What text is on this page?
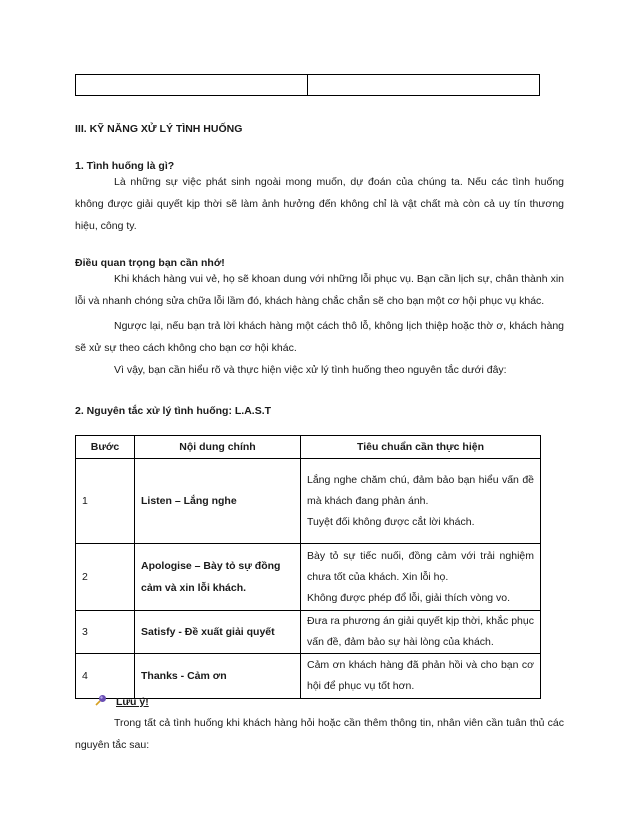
III. KỸ NĂNG XỬ LÝ TÌNH HUỐNG
1. Tình huống là gì?

Là những sự việc phát sinh ngoài mong muốn, dự đoán của chúng ta. Nếu các tình huống không được giải quyết kịp thời sẽ làm ảnh hưởng đến không chỉ là vật chất mà còn cả uy tín thương hiệu, công ty.

Điều quan trọng bạn cần nhớ!

Khi khách hàng vui vẻ, họ sẽ khoan dung với những lỗi phục vụ. Bạn cần lịch sự, chân thành xin lỗi và nhanh chóng sửa chữa lỗi lầm đó, khách hàng chắc chắn sẽ cho bạn một cơ hội phục vụ khác.

Ngược lại, nếu bạn trả lời khách hàng một cách thô lỗ, không lịch thiệp hoặc thờ ơ, khách hàng sẽ xử sự theo cách không cho bạn cơ hội khác.

Vì vậy, bạn cần hiểu rõ và thực hiện việc xử lý tình huống theo nguyên tắc dưới đây:

2. Nguyên tắc xử lý tình huống: L.A.S.T
Bước	Nội dung chính	Tiêu chuẩn cần thực hiện
1	Listen – Lắng nghe	Lắng nghe chăm chú, đảm bảo bạn hiểu vấn đề mà khách đang phản ánh.
Tuyệt đối không được cắt lời khách.

2	Apologise – Bày tỏ sự đồng cảm và xin lỗi khách.	Bày tỏ sự tiếc nuối, đồng cảm với trải nghiệm chưa tốt của khách. Xin lỗi họ.
Không được phép đổ lỗi, giải thích vòng vo.

3	Satisfy - Đề xuất giải quyết	Đưa ra phương án giải quyết kịp thời, khắc phục vấn đề, đảm bảo sự hài lòng của khách.

4	Thanks - Cảm ơn	Cảm ơn khách hàng đã phản hồi và cho bạn cơ hội để phục vụ tốt hơn.
Lưu ý!

Trong tất cả tình huống khi khách hàng hỏi hoặc cần thêm thông tin, nhân viên cần tuân thủ các nguyên tắc sau:
